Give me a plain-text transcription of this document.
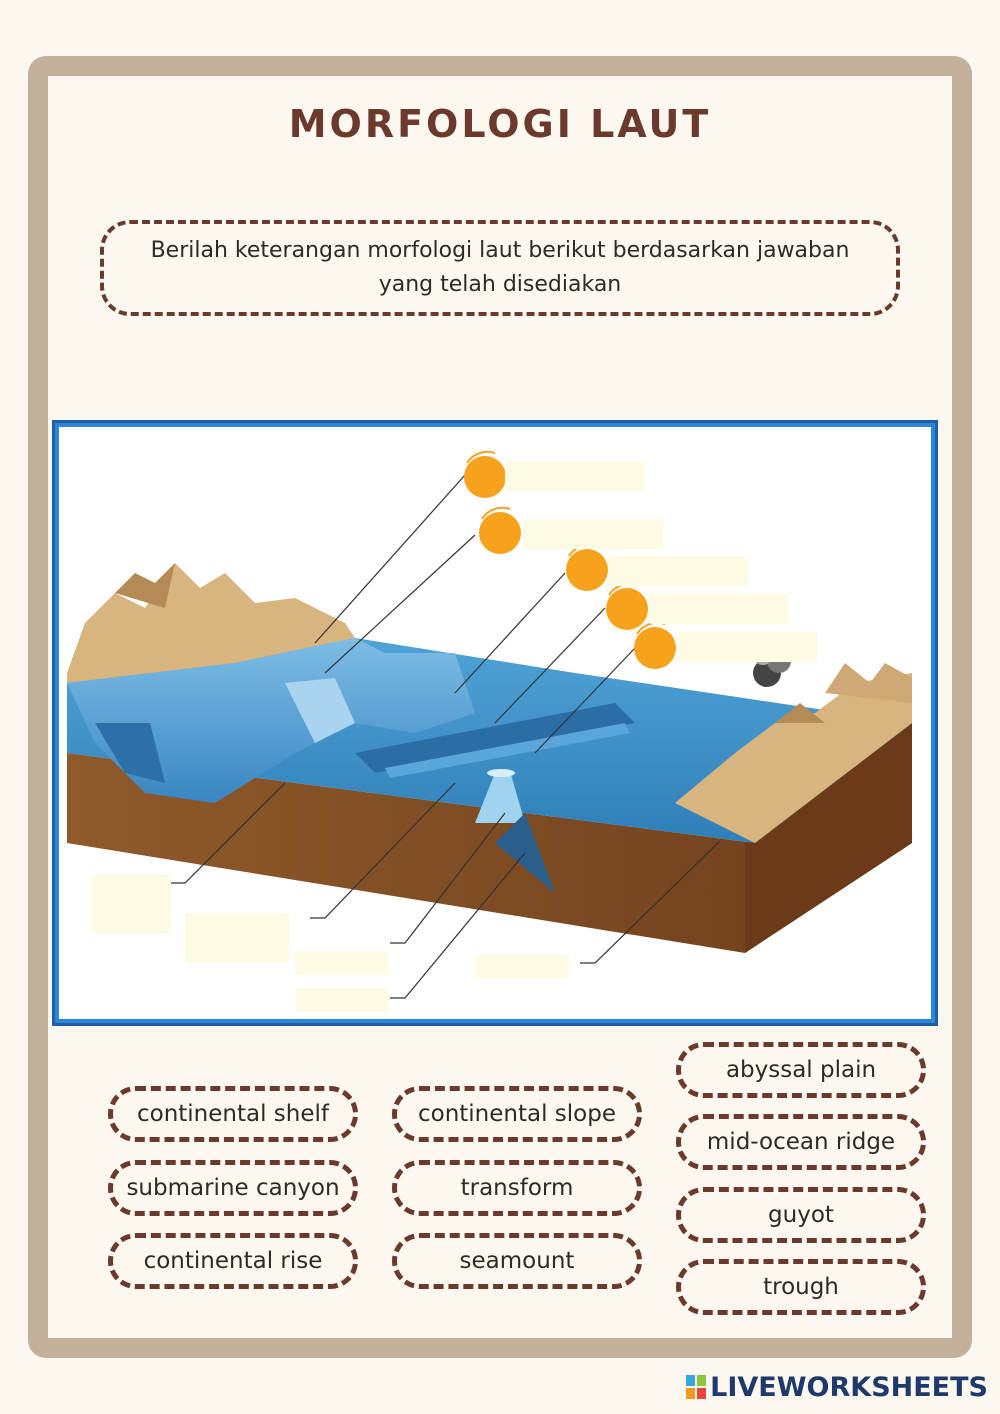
MORFOLOGI LAUT
Berilah keterangan morfologi laut berikut berdasarkan jawaban yang telah disediakan
continental shelf	continental slope
abyssal plain
submarine canyon	transform
mid-ocean ridge
continental rise	seamount
guyot
trough
LIVEWORKSHEETS
